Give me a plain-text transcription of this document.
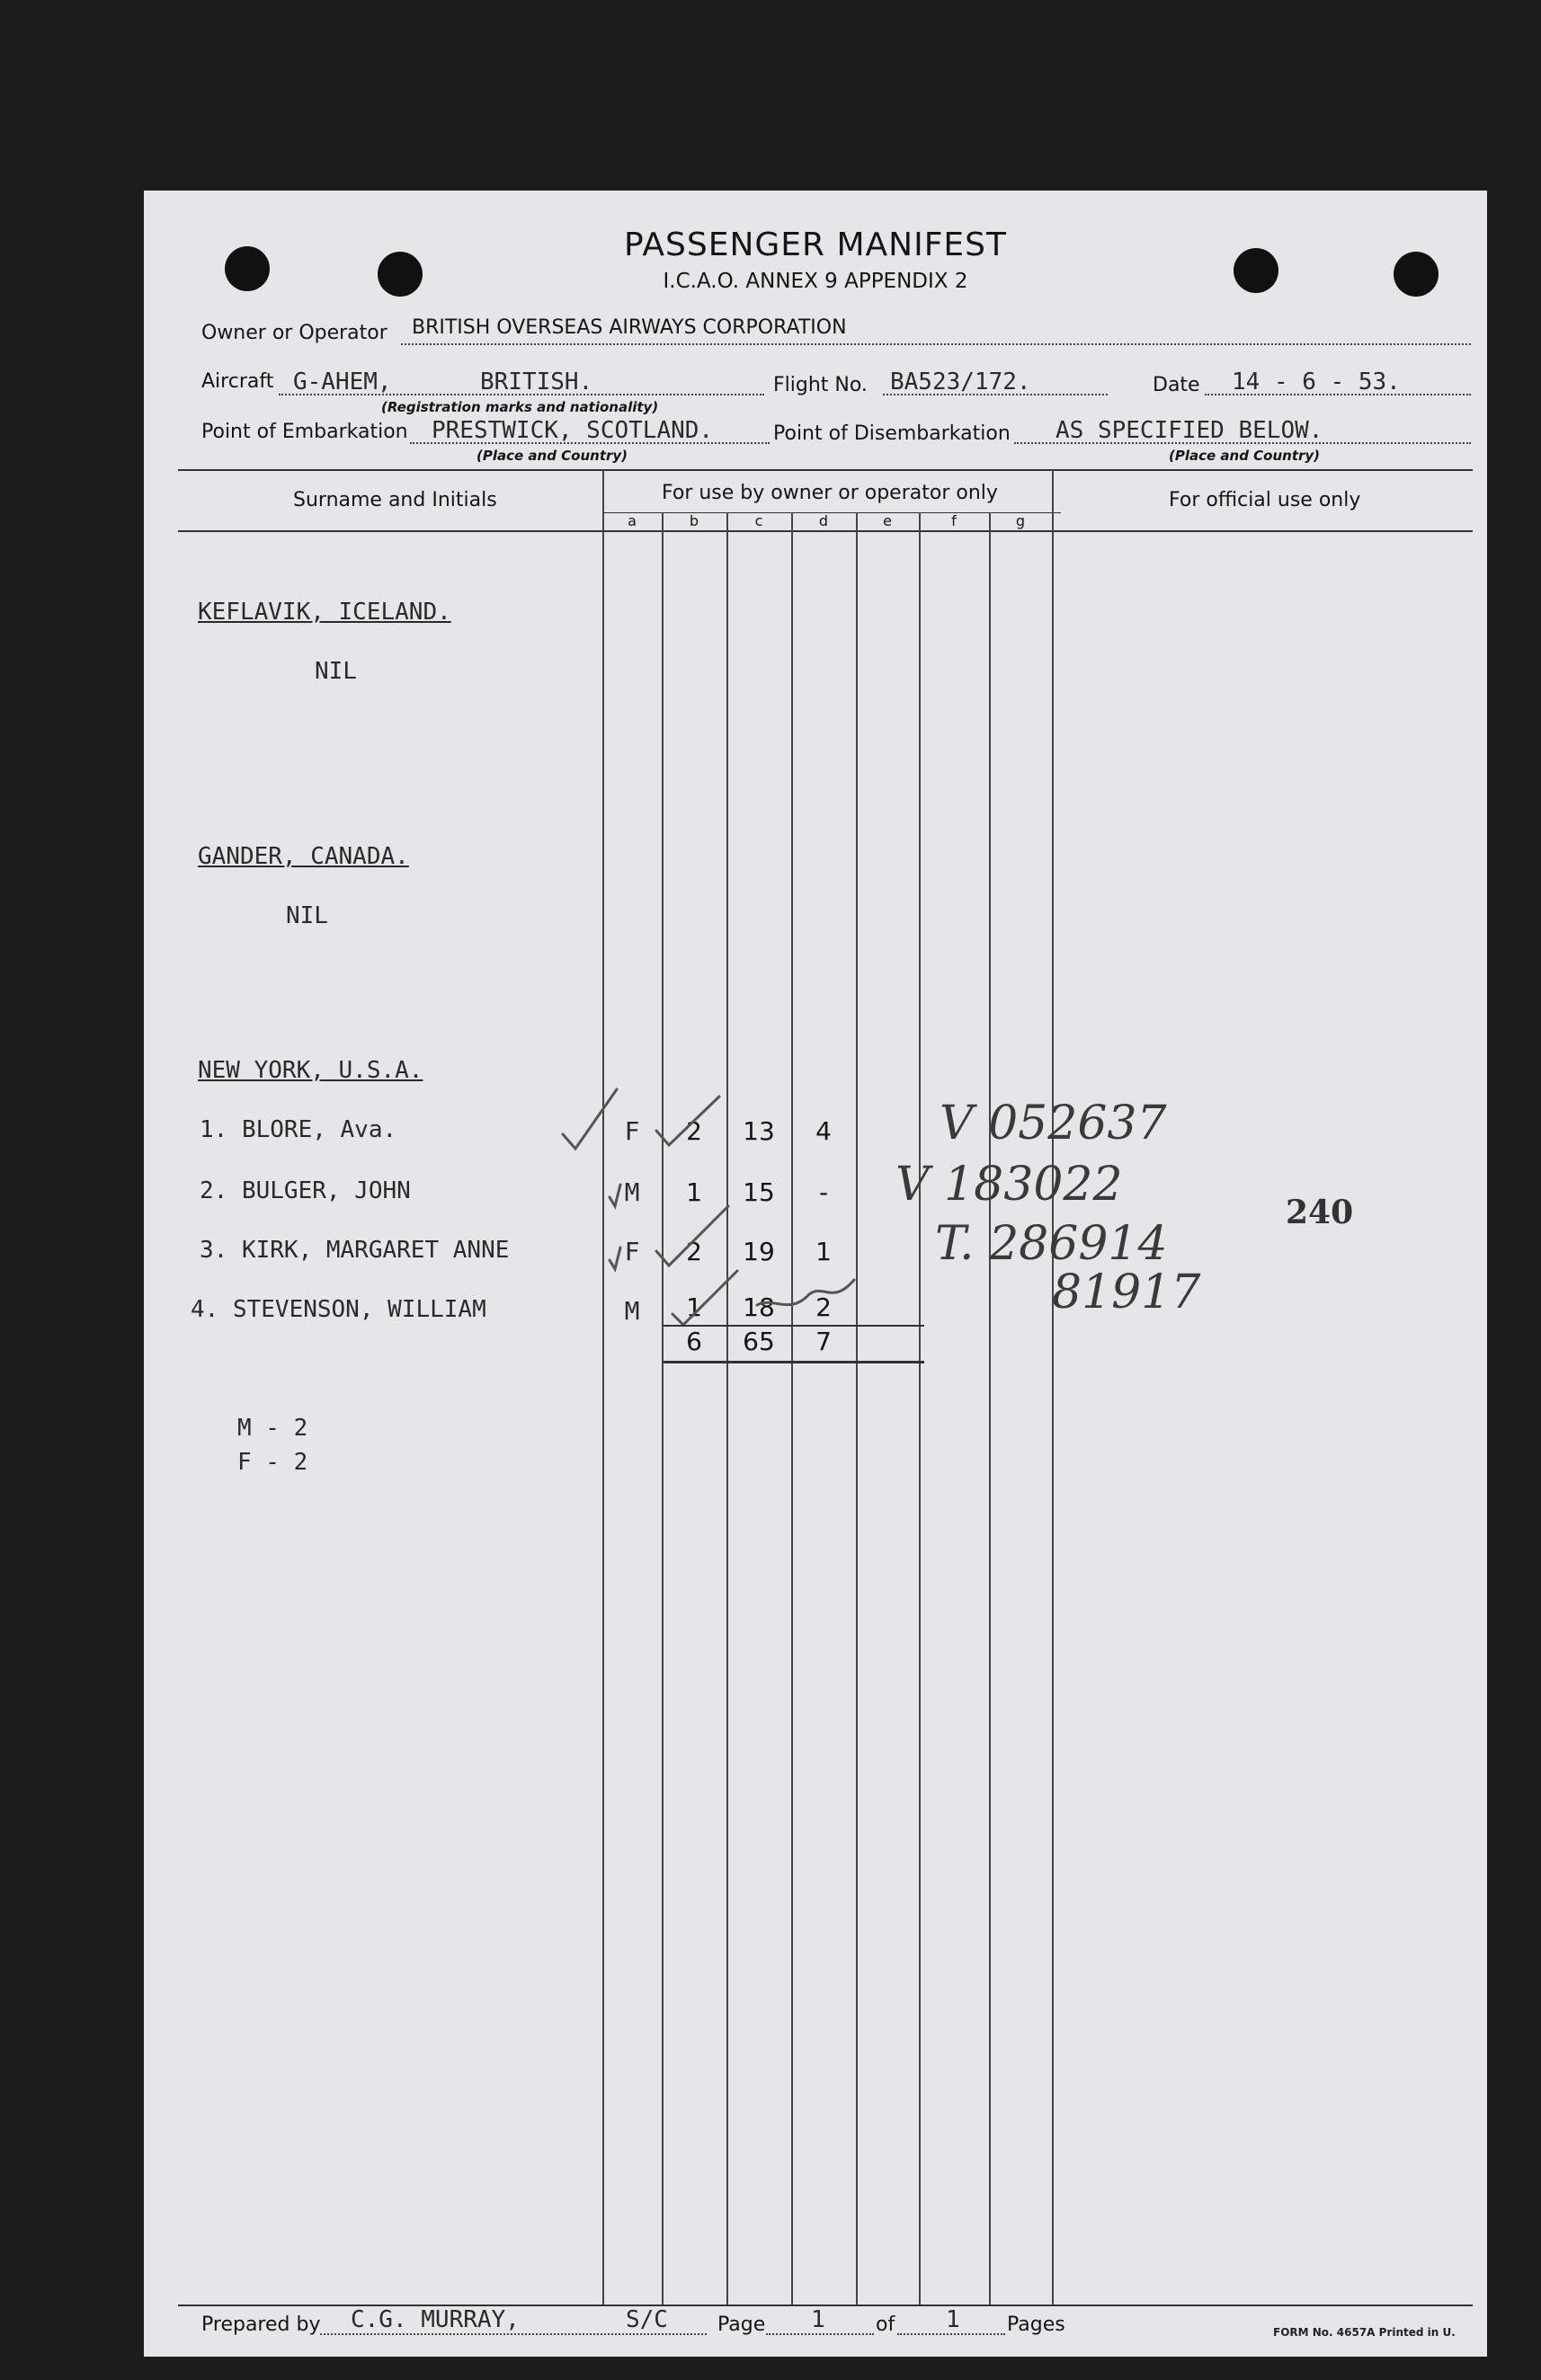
PASSENGER MANIFEST
I.C.A.O. ANNEX 9 APPENDIX 2
Owner or Operator BRITISH OVERSEAS AIRWAYS CORPORATION
Aircraft G-AHEM,	BRITISH.
(Registration marks and nationality)
Flight No. BA523/172.	Date 14 - 6 - 53.
Point of Embarkation PRESTWICK, SCOTLAND.
(Place and Country)
Point of Disembarkation AS SPECIFIED BELOW.
(Place and Country)
Surname and Initials	For use by owner or operator only	For official use only
a	b	c	d	e	f	g
KEFLAVIK, ICELAND.
NIL
GANDER, CANADA.
NIL
NEW YORK, U.S.A.
1. BLORE, Ava.	F	2	13	4	V 052637
2. BULGER, JOHN	M	1	15	-	V 183022
3. KIRK, MARGARET ANNE	F	2	19	1	T. 286914
4. STEVENSON, WILLIAM	M	1	18	2	81917
6	65	7
240
M - 2
F - 2
Prepared by C.G. MURRAY,	S/C	Page 1	of 1 Pages	FORM No. 4657A Printed in U.
